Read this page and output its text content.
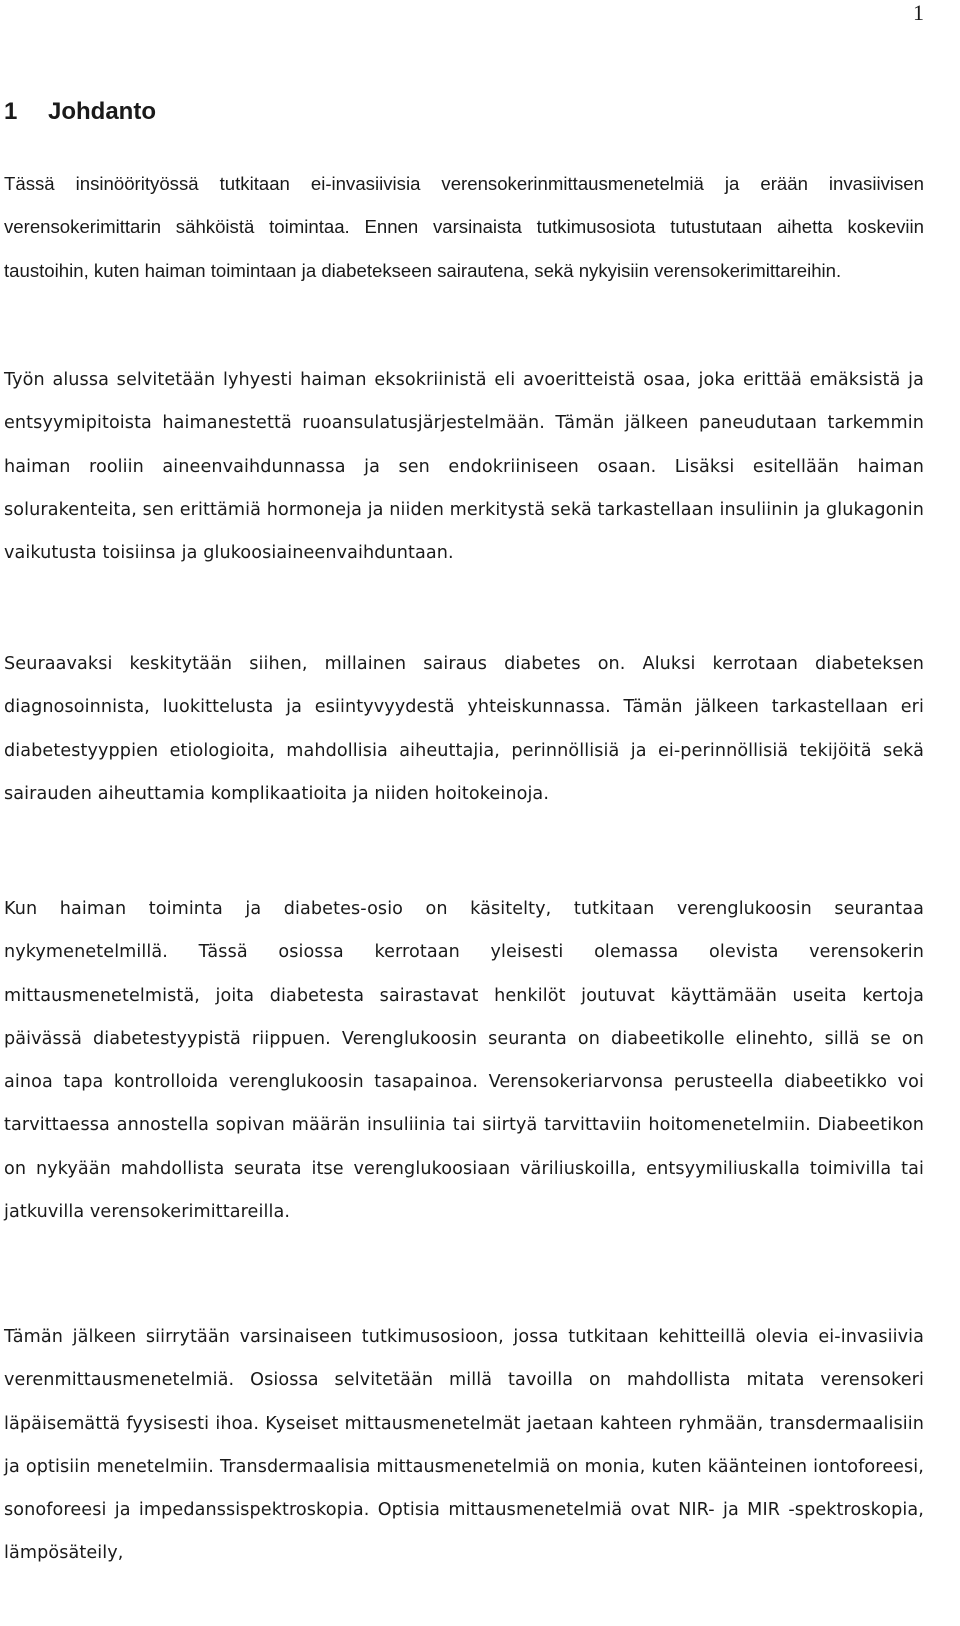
1
1 Johdanto

Tässä insinöörityössä tutkitaan ei-invasiivisia verensokerinmittausmenetelmiä ja erään invasiivisen verensokerimittarin sähköistä toimintaa. Ennen varsinaista tutkimusosiota tutustutaan aihetta koskeviin taustoihin, kuten haiman toimintaan ja diabetekseen sairautena, sekä nykyisiin verensokerimittareihin.

Työn alussa selvitetään lyhyesti haiman eksokriinistä eli avoeritteistä osaa, joka erittää emäksistä ja entsyymipitoista haimanestettä ruoansulatusjärjestelmään. Tämän jälkeen paneudutaan tarkemmin haiman rooliin aineenvaihdunnassa ja sen endokriiniseen osaan. Lisäksi esitellään haiman solurakenteita, sen erittämiä hormoneja ja niiden merkitystä sekä tarkastellaan insuliinin ja glukagonin vaikutusta toisiinsa ja glukoosiaineenvaihduntaan.

Seuraavaksi keskitytään siihen, millainen sairaus diabetes on. Aluksi kerrotaan diabeteksen diagnosoinnista, luokittelusta ja esiintyvyydestä yhteiskunnassa. Tämän jälkeen tarkastellaan eri diabetestyyppien etiologioita, mahdollisia aiheuttajia, perinnöllisiä ja ei-perinnöllisiä tekijöitä sekä sairauden aiheuttamia komplikaatioita ja niiden hoitokeinoja.

Kun haiman toiminta ja diabetes-osio on käsitelty, tutkitaan verenglukoosin seurantaa nykymenetelmillä. Tässä osiossa kerrotaan yleisesti olemassa olevista verensokerin mittausmenetelmistä, joita diabetesta sairastavat henkilöt joutuvat käyttämään useita kertoja päivässä diabetestyypistä riippuen. Verenglukoosin seuranta on diabeetikolle elinehto, sillä se on ainoa tapa kontrolloida verenglukoosin tasapainoa. Verensokeriarvonsa perusteella diabeetikko voi tarvittaessa annostella sopivan määrän insuliinia tai siirtyä tarvittaviin hoitomenetelmiin. Diabeetikon on nykyään mahdollista seurata itse verenglukoosiaan väriliuskoilla, entsyymiliuskalla toimivilla tai jatkuvilla verensokerimittareilla.

Tämän jälkeen siirrytään varsinaiseen tutkimusosioon, jossa tutkitaan kehitteillä olevia ei-invasiivia verenmittausmenetelmiä. Osiossa selvitetään millä tavoilla on mahdollista mitata verensokeri läpäisemättä fyysisesti ihoa. Kyseiset mittausmenetelmät jaetaan kahteen ryhmään, transdermaalisiin ja optisiin menetelmiin. Transdermaalisia mittausmenetelmiä on monia, kuten käänteinen iontoforeesi, sonoforeesi ja impedanssispektroskopia. Optisia mittausmenetelmiä ovat NIR- ja MIR -spektroskopia, lämpösäteily,
